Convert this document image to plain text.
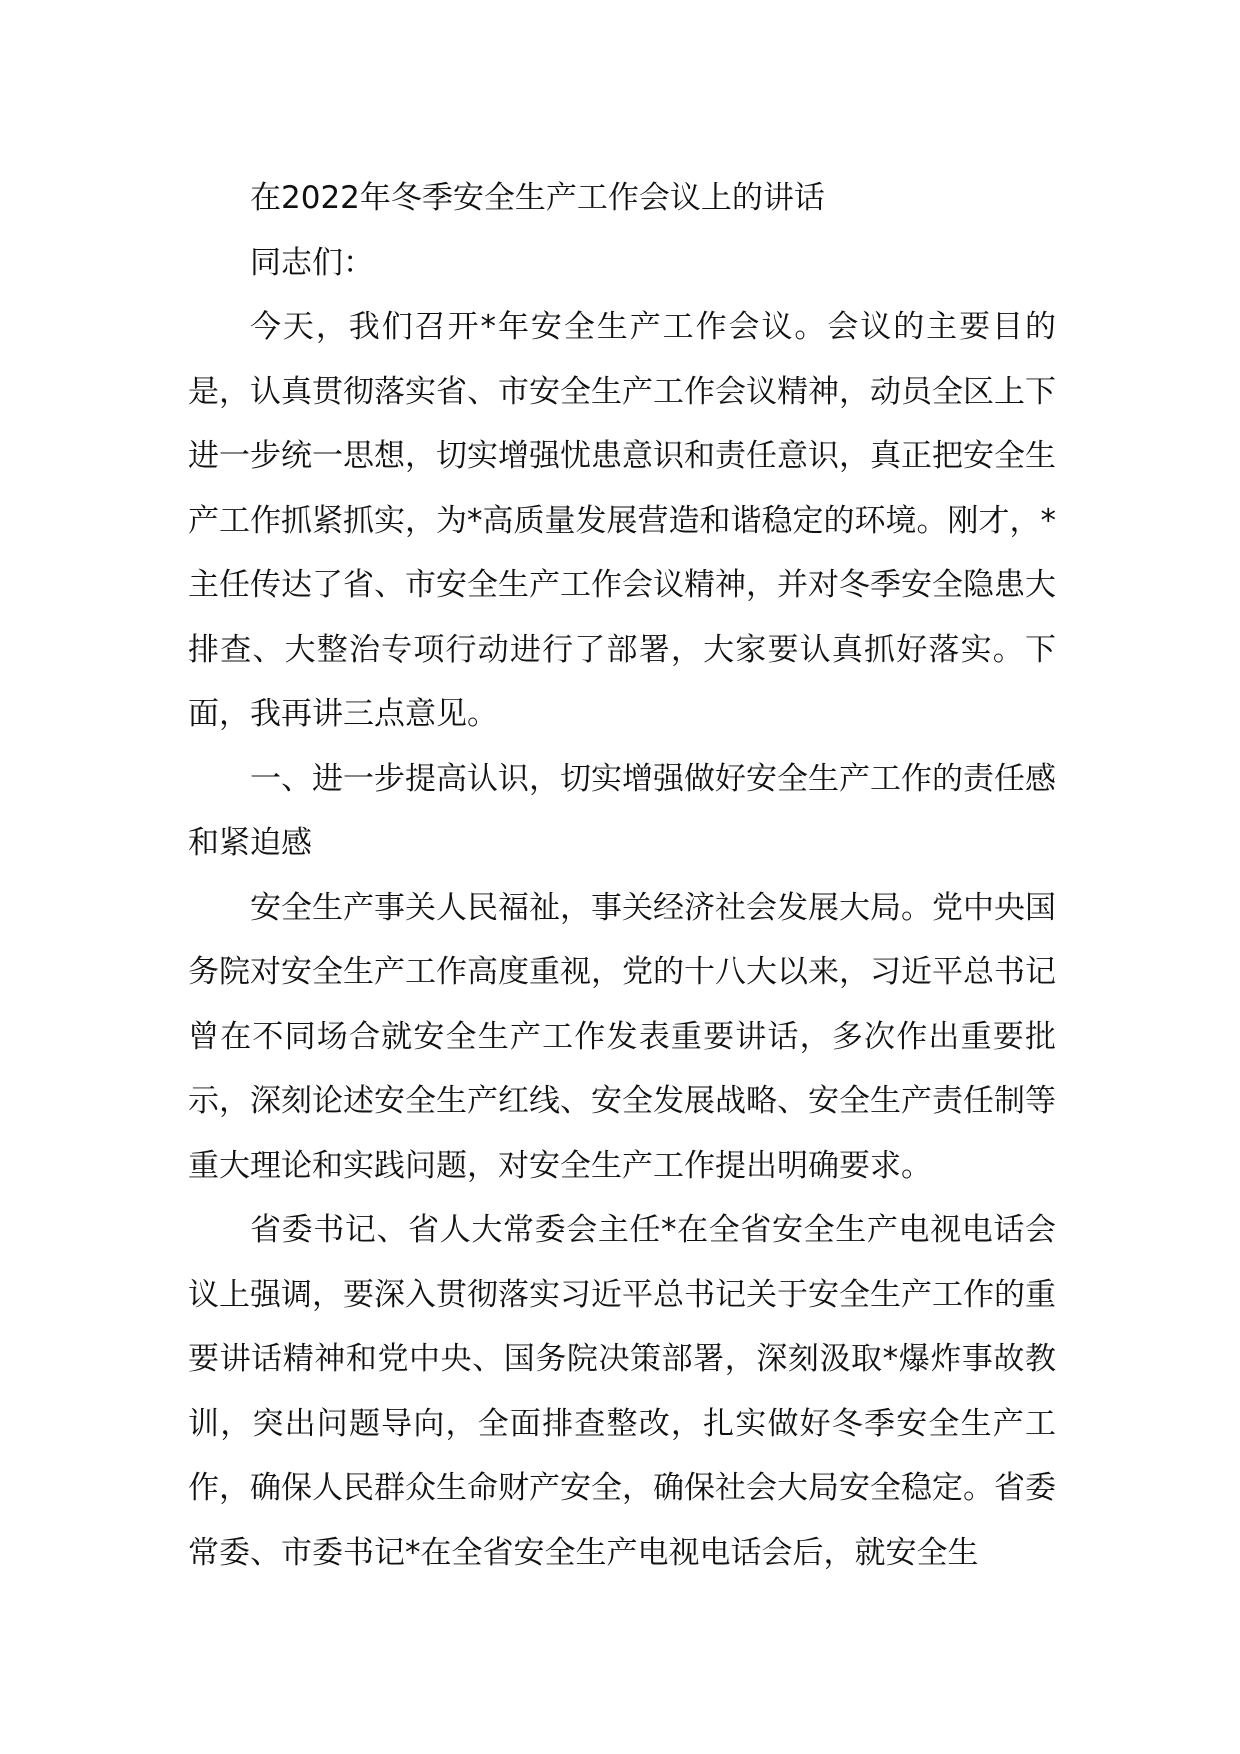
在2022年冬季安全生产工作会议上的讲话

同志们：

今天，我们召开*年安全生产工作会议。会议的主要目的是，认真贯彻落实省、市安全生产工作会议精神，动员全区上下进一步统一思想，切实增强忧患意识和责任意识，真正把安全生产工作抓紧抓实，为*高质量发展营造和谐稳定的环境。刚才，*主任传达了省、市安全生产工作会议精神，并对冬季安全隐患大排查、大整治专项行动进行了部署，大家要认真抓好落实。下面，我再讲三点意见。

一、进一步提高认识，切实增强做好安全生产工作的责任感和紧迫感

安全生产事关人民福祉，事关经济社会发展大局。党中央国务院对安全生产工作高度重视，党的十八大以来，习近平总书记曾在不同场合就安全生产工作发表重要讲话，多次作出重要批示，深刻论述安全生产红线、安全发展战略、安全生产责任制等重大理论和实践问题，对安全生产工作提出明确要求。

省委书记、省人大常委会主任*在全省安全生产电视电话会议上强调，要深入贯彻落实习近平总书记关于安全生产工作的重要讲话精神和党中央、国务院决策部署，深刻汲取*爆炸事故教训，突出问题导向，全面排查整改，扎实做好冬季安全生产工作，确保人民群众生命财产安全，确保社会大局安全稳定。省委常委、市委书记*在全省安全生产电视电话会后，就安全生
